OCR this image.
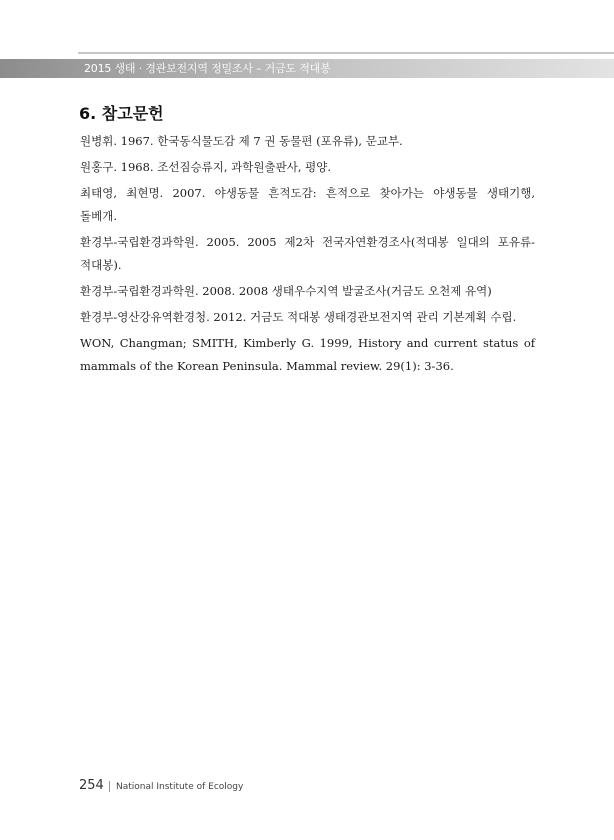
2015 생태 · 경관보전지역 정밀조사 – 거금도 적대봉
6. 참고문헌

원병휘. 1967. 한국동식물도감 제 7 권 동물편 (포유류), 문교부.

원홍구. 1968. 조선짐승류지, 과학원출판사, 평양.

최태영, 최현명. 2007. 야생동물 흔적도감: 흔적으로 찾아가는 야생동물 생태기행,
돌베개.

환경부-국립환경과학원. 2005. 2005 제2차 전국자연환경조사(적대봉 일대의 포유류-
적대봉).

환경부-국립환경과학원. 2008. 2008 생태우수지역 발굴조사(거금도 오천제 유역)

환경부-영산강유역환경청. 2012. 거금도 적대봉 생태경관보전지역 관리 기본계획 수립.

WON, Changman; SMITH, Kimberly G. 1999, History and current status of
mammals of the Korean Peninsula. Mammal review. 29(1): 3-36.

254 National Institute of Ecology
